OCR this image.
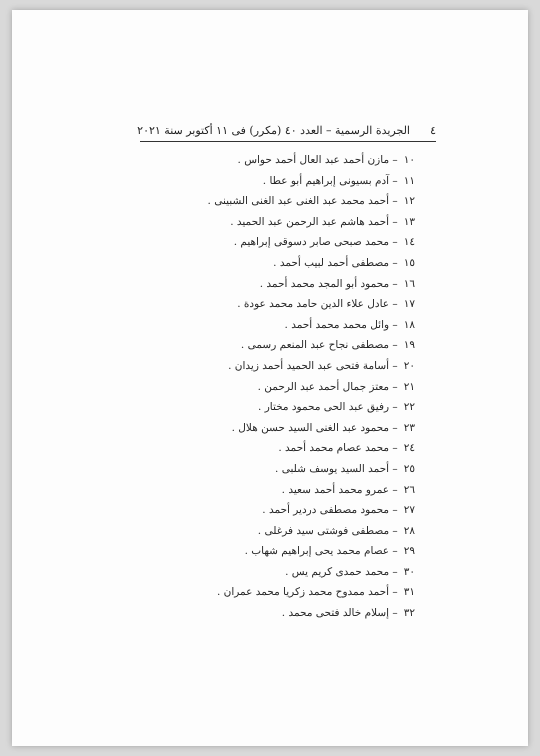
٤
الجريدة الرسمية – العدد ٤٠ (مكرر) فى ١١ أكتوبر سنة ٢٠٢١
١٠ – مازن أحمد عبد العال أحمد حواس .
١١ – آدم بسيونى إبراهيم أبو عطا .
١٢ – أحمد محمد عبد الغنى عبد الغنى الشبينى .
١٣ – أحمد هاشم عبد الرحمن عبد الحميد .
١٤ – محمد صبحى صابر دسوقى إبراهيم .
١٥ – مصطفى أحمد لبيب أحمد .
١٦ – محمود أبو المجد محمد أحمد .
١٧ – عادل علاء الدين حامد محمد عودة .
١٨ – وائل محمد محمد أحمد .
١٩ – مصطفى نجاح عبد المنعم رسمى .
٢٠ – أسامة فتحى عبد الحميد أحمد زيدان .
٢١ – معتز جمال أحمد عبد الرحمن .
٢٢ – رفيق عبد الحى محمود مختار .
٢٣ – محمود عبد الغنى السيد حسن هلال .
٢٤ – محمد عصام محمد أحمد .
٢٥ – أحمد السيد يوسف شلبى .
٢٦ – عمرو محمد أحمد سعيد .
٢٧ – محمود مصطفى دردير أحمد .
٢٨ – مصطفى فوشتى سيد فرغلى .
٢٩ – عصام محمد يحى إبراهيم شهاب .
٣٠ – محمد حمدى كريم يس .
٣١ – أحمد ممدوح محمد زكريا محمد عمران .
٣٢ – إسلام خالد فتحى محمد .
